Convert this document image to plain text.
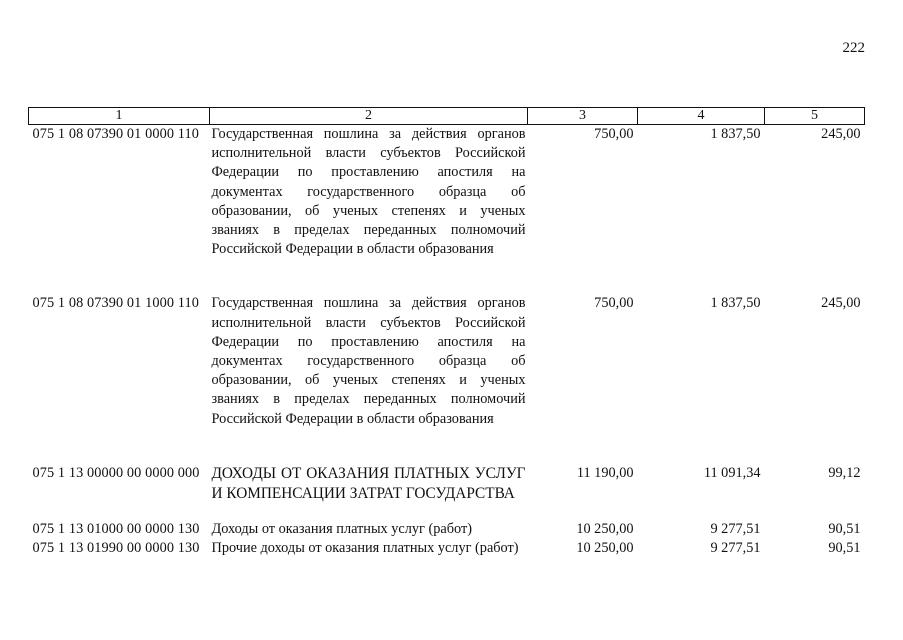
222
1	2	3	4	5
075 1 08 07390 01 0000 110	Государственная пошлина за действия органов исполнительной власти субъектов Российской Федерации по проставлению апостиля на документах государственного образца об образовании, об ученых степенях и ученых званиях в пределах переданных полномочий Российской Федерации в области образования	750,00	1 837,50	245,00
075 1 08 07390 01 1000 110	Государственная пошлина за действия органов исполнительной власти субъектов Российской Федерации по проставлению апостиля на документах государственного образца об образовании, об ученых степенях и ученых званиях в пределах переданных полномочий Российской Федерации в области образования	750,00	1 837,50	245,00
075 1 13 00000 00 0000 000	ДОХОДЫ ОТ ОКАЗАНИЯ ПЛАТНЫХ УСЛУГ И КОМПЕНСАЦИИ ЗАТРАТ ГОСУДАРСТВА	11 190,00	11 091,34	99,12
075 1 13 01000 00 0000 130	Доходы от оказания платных услуг (работ)	10 250,00	9 277,51	90,51
075 1 13 01990 00 0000 130	Прочие доходы от оказания платных услуг (работ)	10 250,00	9 277,51	90,51
